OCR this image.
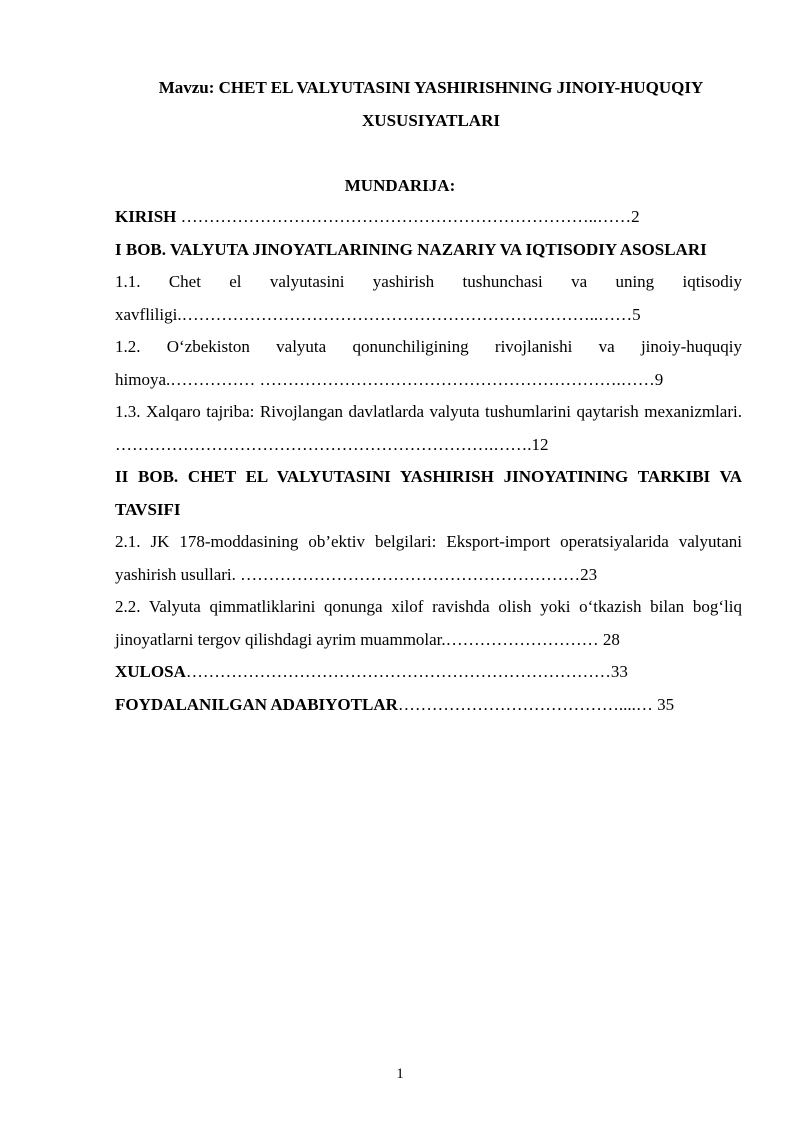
Mavzu: CHET EL VALYUTASINI YASHIRISHNING JINOIY-HUQUQIY
XUSUSIYATLARI
MUNDARIJA:
KIRISH ………………………………………………………………..……2
I BOB. VALYUTA JINOYATLARINING NAZARIY VA IQTISODIY ASOSLARI
1.1. Chet el valyutasini yashirish tushunchasi va uning iqtisodiy xavfliligi.………………………………………………………………..……5
1.2. O‘zbekiston valyuta qonunchiligining rivojlanishi va jinoiy-huquqiy himoya.…………… ……………………………………………………….……9
1.3. Xalqaro tajriba: Rivojlangan davlatlarda valyuta tushumlarini qaytarish mexanizmlari. ………………………………………………………….…….12
II BOB. CHET EL VALYUTASINI YASHIRISH JINOYATINING TARKIBI VA TAVSIFI
2.1. JK 178-moddasining ob’ektiv belgilari: Eksport-import operatsiyalarida valyutani yashirish usullari. ……………………………………………………23
2.2. Valyuta qimmatliklarini qonunga xilof ravishda olish yoki o‘tkazish bilan bog‘liq jinoyatlarni tergov qilishdagi ayrim muammolar.……………………… 28
XULOSA…………………………………………………………………33
FOYDALANILGAN ADABIYOTLAR…………………………………....… 35
1
